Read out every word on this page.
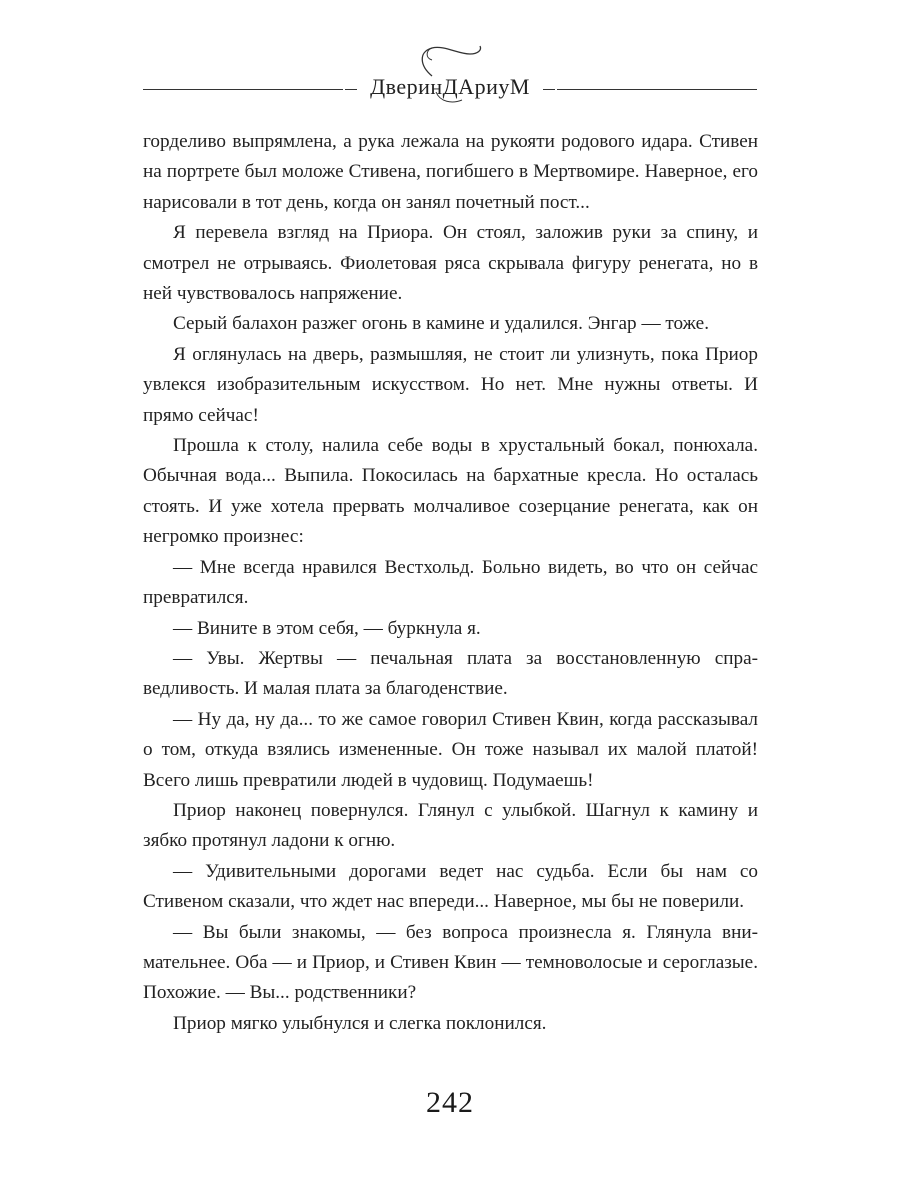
ДверинДАриуМ

горделиво выпрямлена, а рука лежала на рукояти родового идара. Стивен на портрете был моложе Стивена, погибшего в Мертвомире. Наверное, его нарисовали в тот день, когда он занял почетный пост...

Я перевела взгляд на Приора. Он стоял, заложив руки за спину, и смотрел не отрываясь. Фиолетовая ряса скрывала фигуру ренегата, но в ней чувствовалось напряжение.

Серый балахон разжег огонь в камине и удалился. Энгар — тоже.

Я оглянулась на дверь, размышляя, не стоит ли улизнуть, пока Приор увлекся изобразительным искусством. Но нет. Мне нужны ответы. И прямо сейчас!

Прошла к столу, налила себе воды в хрустальный бокал, понюхала. Обычная вода... Выпила. Покосилась на бархатные кресла. Но осталась стоять. И уже хотела прервать молчаливое созерцание ренегата, как он негромко произнес:

— Мне всегда нравился Вестхольд. Больно видеть, во что он сейчас превратился.

— Вините в этом себя, — буркнула я.

— Увы. Жертвы — печальная плата за восстановленную справедливость. И малая плата за благоденствие.

— Ну да, ну да... то же самое говорил Стивен Квин, когда рассказывал о том, откуда взялись измененные. Он тоже называл их малой платой! Всего лишь превратили людей в чудовищ. Подумаешь!

Приор наконец повернулся. Глянул с улыбкой. Шагнул к камину и зябко протянул ладони к огню.

— Удивительными дорогами ведет нас судьба. Если бы нам со Стивеном сказали, что ждет нас впереди... Наверное, мы бы не поверили.

— Вы были знакомы, — без вопроса произнесла я. Глянула внимательнее. Оба — и Приор, и Стивен Квин — темноволосые и сероглазые. Похожие. — Вы... родственники?

Приор мягко улыбнулся и слегка поклонился.

242
